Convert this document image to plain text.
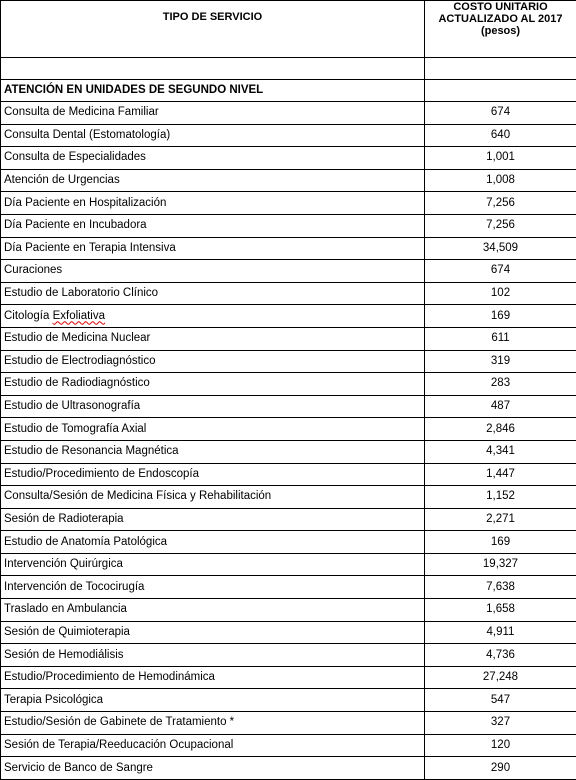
TIPO DE SERVICIO	COSTO UNITARIO
ACTUALIZADO AL 2017
(pesos)

ATENCIÓN EN UNIDADES DE SEGUNDO NIVEL	
Consulta de Medicina Familiar	674
Consulta Dental (Estomatología)	640
Consulta de Especialidades	1,001
Atención de Urgencias	1,008
Día Paciente en Hospitalización	7,256
Día Paciente en Incubadora	7,256
Día Paciente en Terapia Intensiva	34,509
Curaciones	674
Estudio de Laboratorio Clínico	102
Citología Exfoliativa	169
Estudio de Medicina Nuclear	611
Estudio de Electrodiagnóstico	319
Estudio de Radiodiagnóstico	283
Estudio de Ultrasonografía	487
Estudio de Tomografía Axial	2,846
Estudio de Resonancia Magnética	4,341
Estudio/Procedimiento de Endoscopía	1,447
Consulta/Sesión de Medicina Física y Rehabilitación	1,152
Sesión de Radioterapia	2,271
Estudio de Anatomía Patológica	169
Intervención Quirúrgica	19,327
Intervención de Tococirugía	7,638
Traslado en Ambulancia	1,658
Sesión de Quimioterapia	4,911
Sesión de Hemodiálisis	4,736
Estudio/Procedimiento de Hemodinámica	27,248
Terapia Psicológica	547
Estudio/Sesión de Gabinete de Tratamiento *	327
Sesión de Terapia/Reeducación Ocupacional	120
Servicio de Banco de Sangre	290
